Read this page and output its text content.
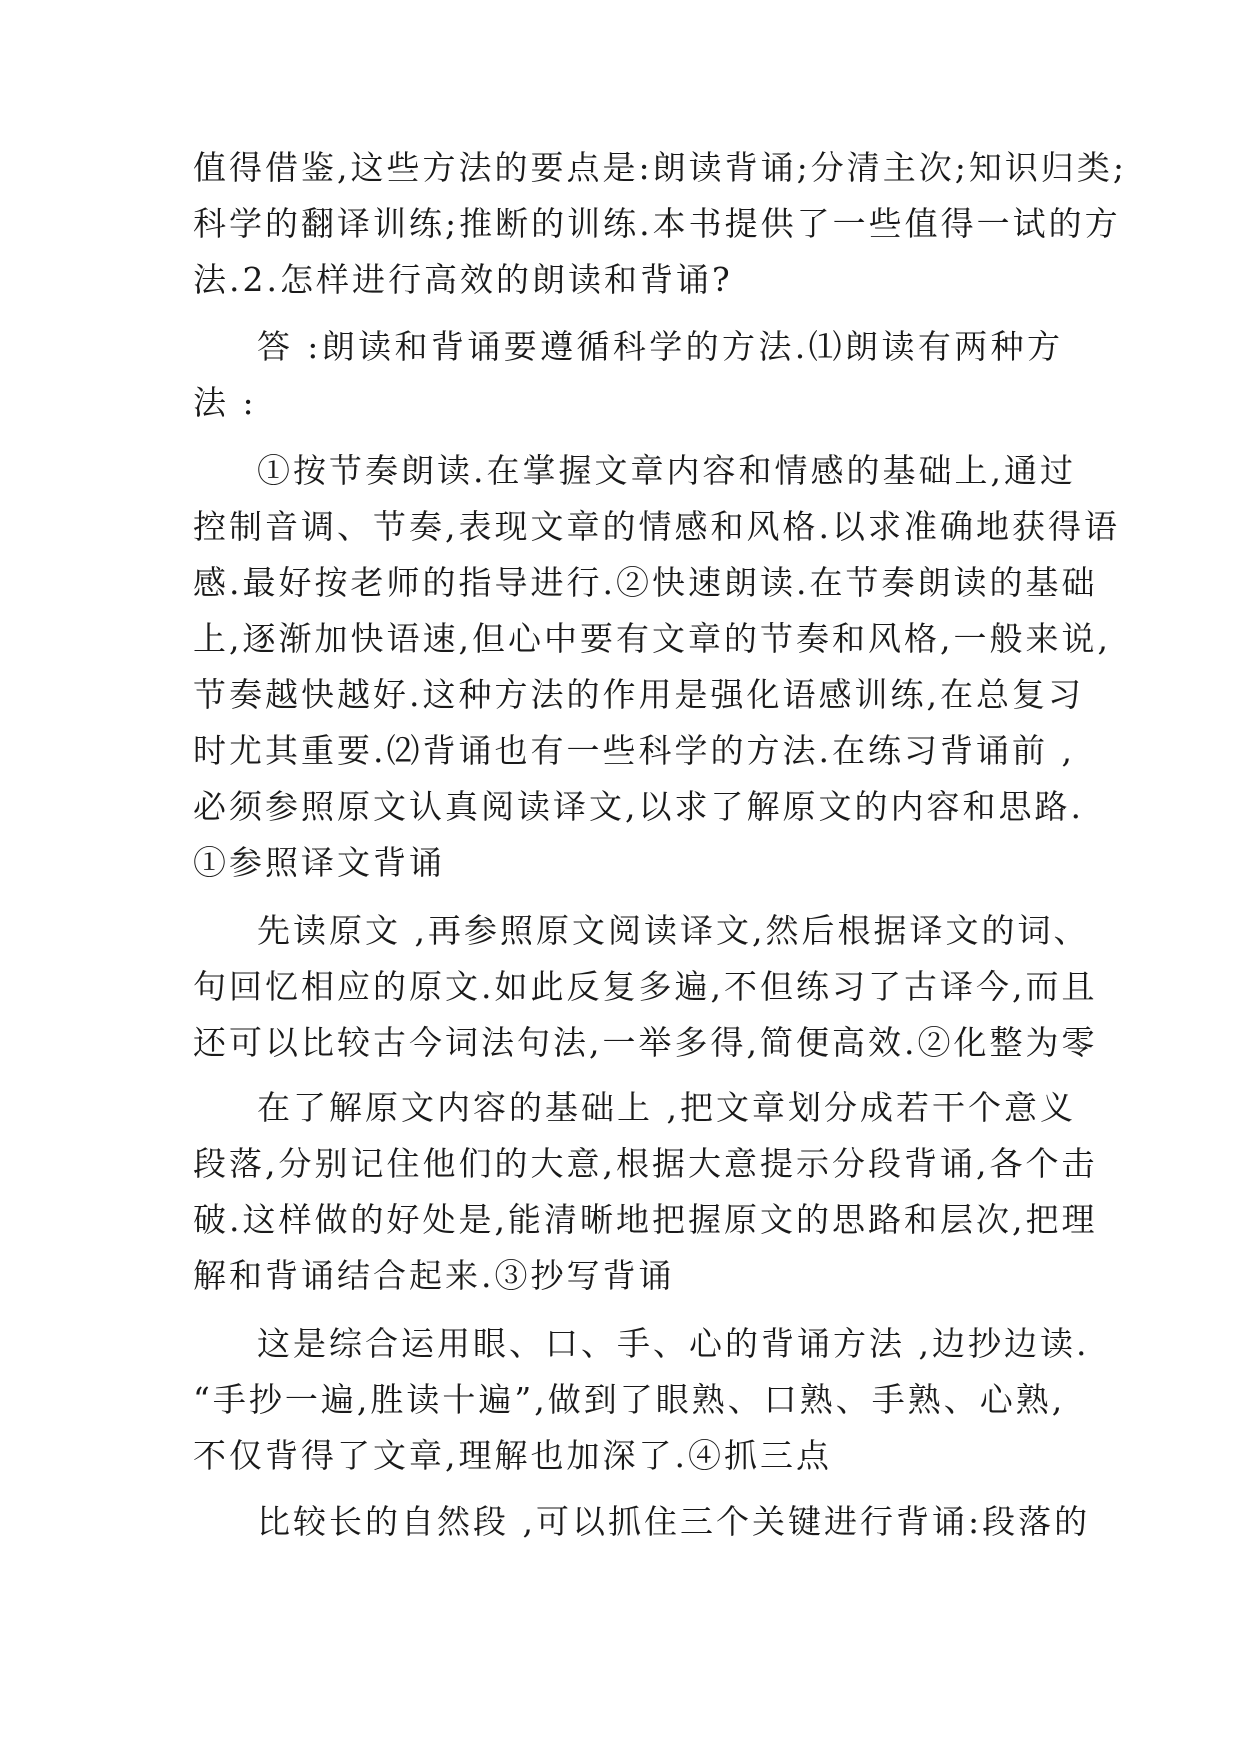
值得借鉴,这些方法的要点是:朗读背诵;分清主次;知识归类;
科学的翻译训练;推断的训练.本书提供了一些值得一试的方
法.2.怎样进行高效的朗读和背诵?
答 :朗读和背诵要遵循科学的方法.⑴朗读有两种方
法 :
①按节奏朗读.在掌握文章内容和情感的基础上,通过
控制音调、节奏,表现文章的情感和风格.以求准确地获得语
感.最好按老师的指导进行.②快速朗读.在节奏朗读的基础
上,逐渐加快语速,但心中要有文章的节奏和风格,一般来说,
节奏越快越好.这种方法的作用是强化语感训练,在总复习
时尤其重要.⑵背诵也有一些科学的方法.在练习背诵前 ,
必须参照原文认真阅读译文,以求了解原文的内容和思路.
①参照译文背诵
先读原文 ,再参照原文阅读译文,然后根据译文的词、
句回忆相应的原文.如此反复多遍,不但练习了古译今,而且
还可以比较古今词法句法,一举多得,简便高效.②化整为零
在了解原文内容的基础上 ,把文章划分成若干个意义
段落,分别记住他们的大意,根据大意提示分段背诵,各个击
破.这样做的好处是,能清晰地把握原文的思路和层次,把理
解和背诵结合起来.③抄写背诵
这是综合运用眼、口、手、心的背诵方法 ,边抄边读.
“手抄一遍,胜读十遍”,做到了眼熟、口熟、手熟、心熟,
不仅背得了文章,理解也加深了.④抓三点
比较长的自然段 ,可以抓住三个关键进行背诵:段落的
